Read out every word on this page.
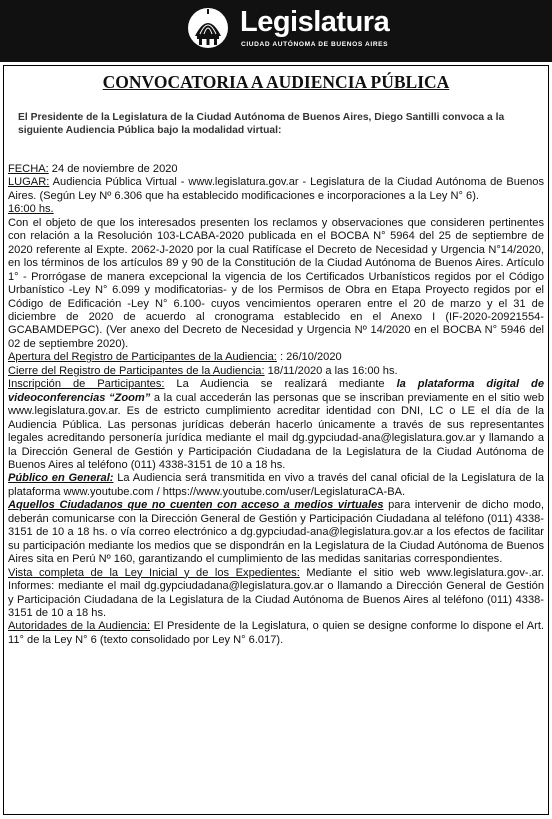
Legislatura
CIUDAD AUTÓNOMA DE BUENOS AIRES
CONVOCATORIA A AUDIENCIA PÚBLICA
El Presidente de la Legislatura de la Ciudad Autónoma de Buenos Aires, Diego Santilli convoca a la siguiente Audiencia Pública bajo la modalidad virtual:

FECHA: 24 de noviembre de 2020

LUGAR: Audiencia Pública Virtual - www.legislatura.gov.ar - Legislatura de la Ciudad Autónoma de Buenos Aires. (Según Ley Nº 6.306 que ha establecido modificaciones e incorporaciones a la Ley N° 6).

16:00 hs.

Con el objeto de que los interesados presenten los reclamos y observaciones que consideren pertinentes con relación a la Resolución 103-LCABA-2020 publicada en el BOCBA N° 5964 del 25 de septiembre de 2020 referente al Expte. 2062-J-2020 por la cual Ratifícase el Decreto de Necesidad y Urgencia N°14/2020, en los términos de los artículos 89 y 90 de la Constitución de la Ciudad Autónoma de Buenos Aires. Artículo 1° - Prorrógase de manera excepcional la vigencia de los Certificados Urbanísticos regidos por el Código Urbanístico -Ley N° 6.099 y modificatorias- y de los Permisos de Obra en Etapa Proyecto regidos por el Código de Edificación -Ley N° 6.100- cuyos vencimientos operaren entre el 20 de marzo y el 31 de diciembre de 2020 de acuerdo al cronograma establecido en el Anexo I (IF-2020-20921554-GCABAMDEPGC). (Ver anexo del Decreto de Necesidad y Urgencia Nº 14/2020 en el BOCBA N° 5946 del 02 de septiembre 2020).

Apertura del Registro de Participantes de la Audiencia: : 26/10/2020

Cierre del Registro de Participantes de la Audiencia: 18/11/2020 a las 16:00 hs.

Inscripción de Participantes: La Audiencia se realizará mediante la plataforma digital de videoconferencias “Zoom” a la cual accederán las personas que se inscriban previamente en el sitio web www.legislatura.gov.ar. Es de estricto cumplimiento acreditar identidad con DNI, LC o LE el día de la Audiencia Pública. Las personas jurídicas deberán hacerlo únicamente a través de sus representantes legales acreditando personería jurídica mediante el mail dg.gypciudad-ana@legislatura.gov.ar y llamando a la Dirección General de Gestión y Participación Ciudadana de la Legislatura de la Ciudad Autónoma de Buenos Aires al teléfono (011) 4338-3151 de 10 a 18 hs.

Público en General: La Audiencia será transmitida en vivo a través del canal oficial de la Legislatura de la plataforma www.youtube.com / https://www.youtube.com/user/LegislaturaCA-BA.

Aquellos Ciudadanos que no cuenten con acceso a medios virtuales para intervenir de dicho modo, deberán comunicarse con la Dirección General de Gestión y Participación Ciudadana al teléfono (011) 4338-3151 de 10 a 18 hs. o vía correo electrónico a dg.gypciudad-ana@legislatura.gov.ar a los efectos de facilitar su participación mediante los medios que se dispondrán en la Legislatura de la Ciudad Autónoma de Buenos Aires sita en Perú Nº 160, garantizando el cumplimiento de las medidas sanitarias correspondientes.

Vista completa de la Ley Inicial y de los Expedientes: Mediante el sitio web www.legislatura.gov-.ar. Informes: mediante el mail dg.gypciudadana@legislatura.gov.ar o llamando a Dirección General de Gestión y Participación Ciudadana de la Legislatura de la Ciudad Autónoma de Buenos Aires al teléfono (011) 4338-3151 de 10 a 18 hs.

Autoridades de la Audiencia: El Presidente de la Legislatura, o quien se designe conforme lo dispone el Art. 11° de la Ley N° 6 (texto consolidado por Ley N° 6.017).
